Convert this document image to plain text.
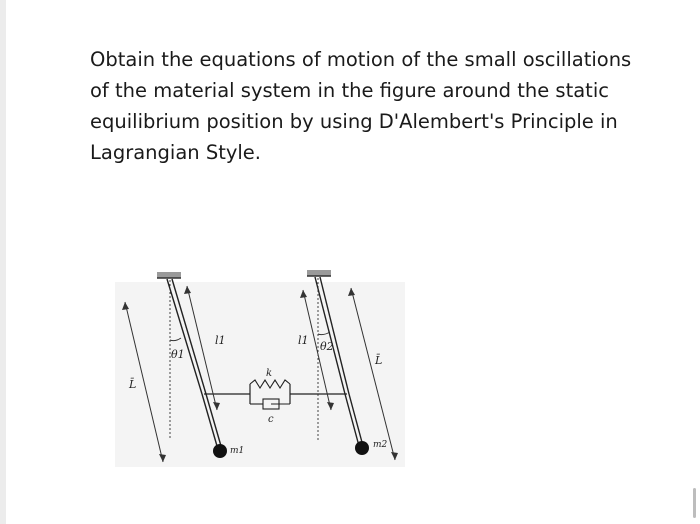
Obtain the equations of motion of the small oscillations
of the material system in the figure around the static
equilibrium position by using D'Alembert's Principle in
Lagrangian Style.
θ1
θ2
l1	l1
L̄
L̄
k
c
m1
m2
